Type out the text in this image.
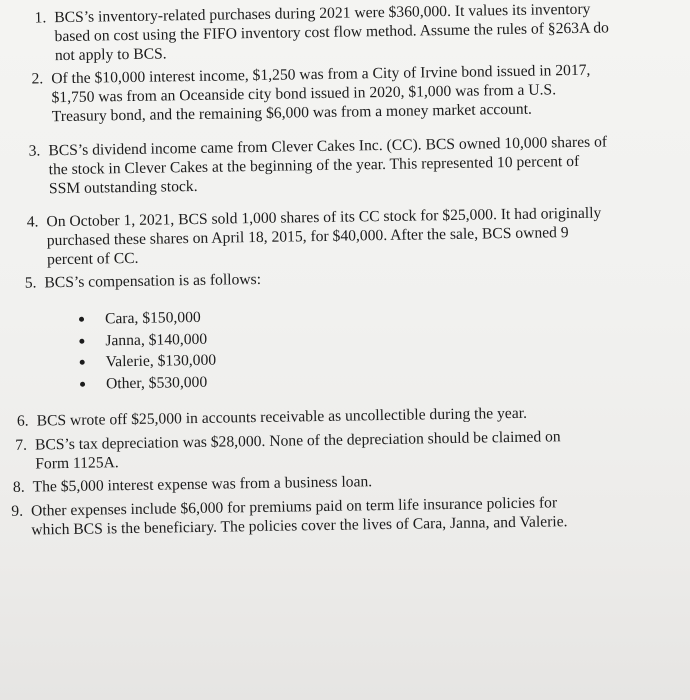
1. BCS’s inventory-related purchases during 2021 were $360,000. It values its inventory
based on cost using the FIFO inventory cost flow method. Assume the rules of §263A do
not apply to BCS.
2. Of the $10,000 interest income, $1,250 was from a City of Irvine bond issued in 2017,
$1,750 was from an Oceanside city bond issued in 2020, $1,000 was from a U.S.
Treasury bond, and the remaining $6,000 was from a money market account.
3. BCS’s dividend income came from Clever Cakes Inc. (CC). BCS owned 10,000 shares of
the stock in Clever Cakes at the beginning of the year. This represented 10 percent of
SSM outstanding stock.
4. On October 1, 2021, BCS sold 1,000 shares of its CC stock for $25,000. It had originally
purchased these shares on April 18, 2015, for $40,000. After the sale, BCS owned 9
percent of CC.
5. BCS’s compensation is as follows:
Cara, $150,000
Janna, $140,000
Valerie, $130,000
Other, $530,000
6. BCS wrote off $25,000 in accounts receivable as uncollectible during the year.
7. BCS’s tax depreciation was $28,000. None of the depreciation should be claimed on
Form 1125A.
8. The $5,000 interest expense was from a business loan.
9. Other expenses include $6,000 for premiums paid on term life insurance policies for
which BCS is the beneficiary. The policies cover the lives of Cara, Janna, and Valerie.
